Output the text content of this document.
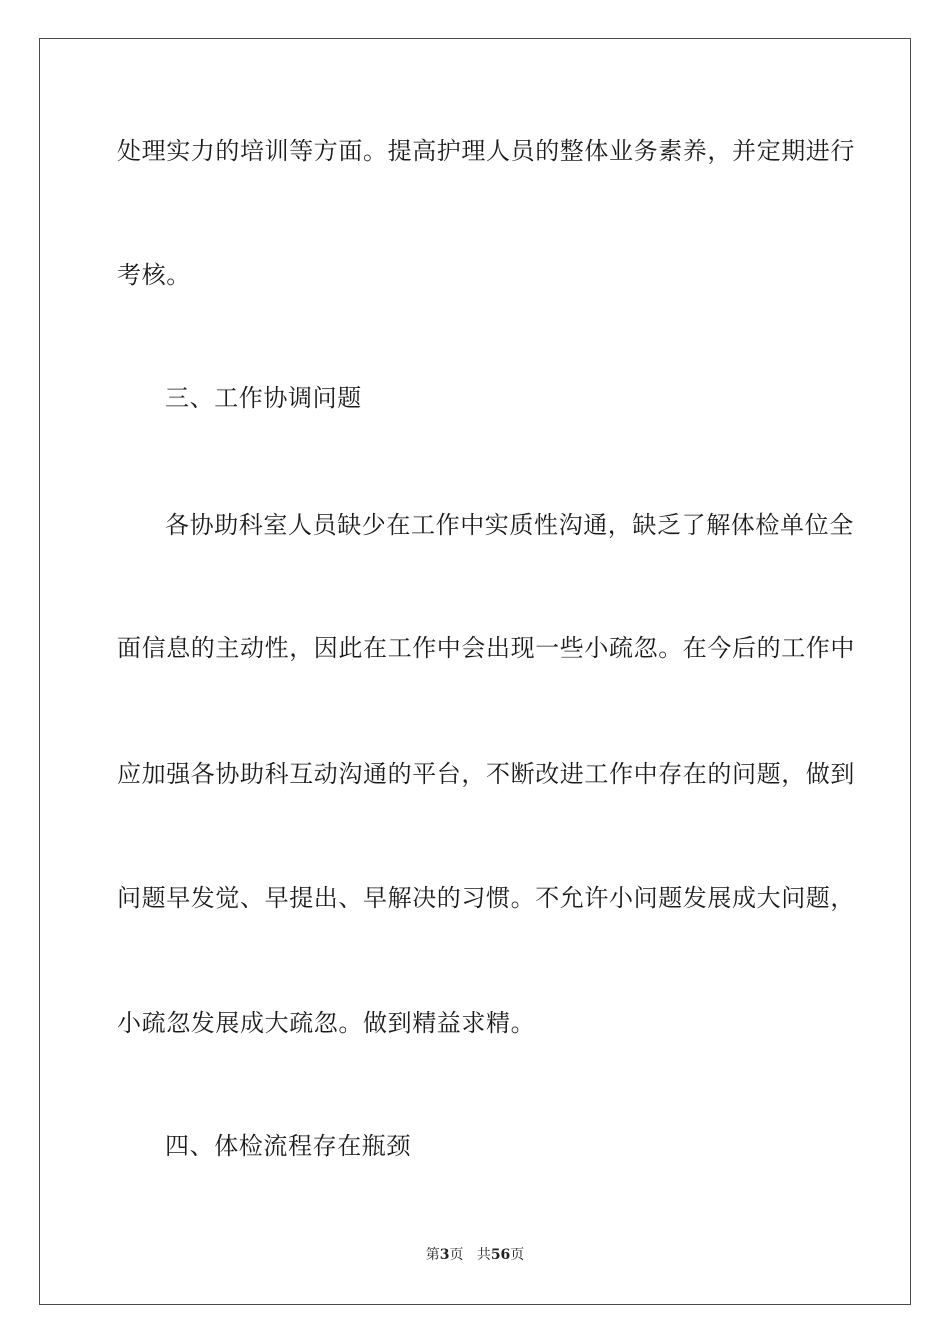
处理实力的培训等方面。提高护理人员的整体业务素养，并定期进行
考核。
三、工作协调问题
各协助科室人员缺少在工作中实质性沟通，缺乏了解体检单位全
面信息的主动性，因此在工作中会出现一些小疏忽。在今后的工作中
应加强各协助科互动沟通的平台，不断改进工作中存在的问题，做到
问题早发觉、早提出、早解决的习惯。不允许小问题发展成大问题，
小疏忽发展成大疏忽。做到精益求精。
四、体检流程存在瓶颈
第3页 共56页
